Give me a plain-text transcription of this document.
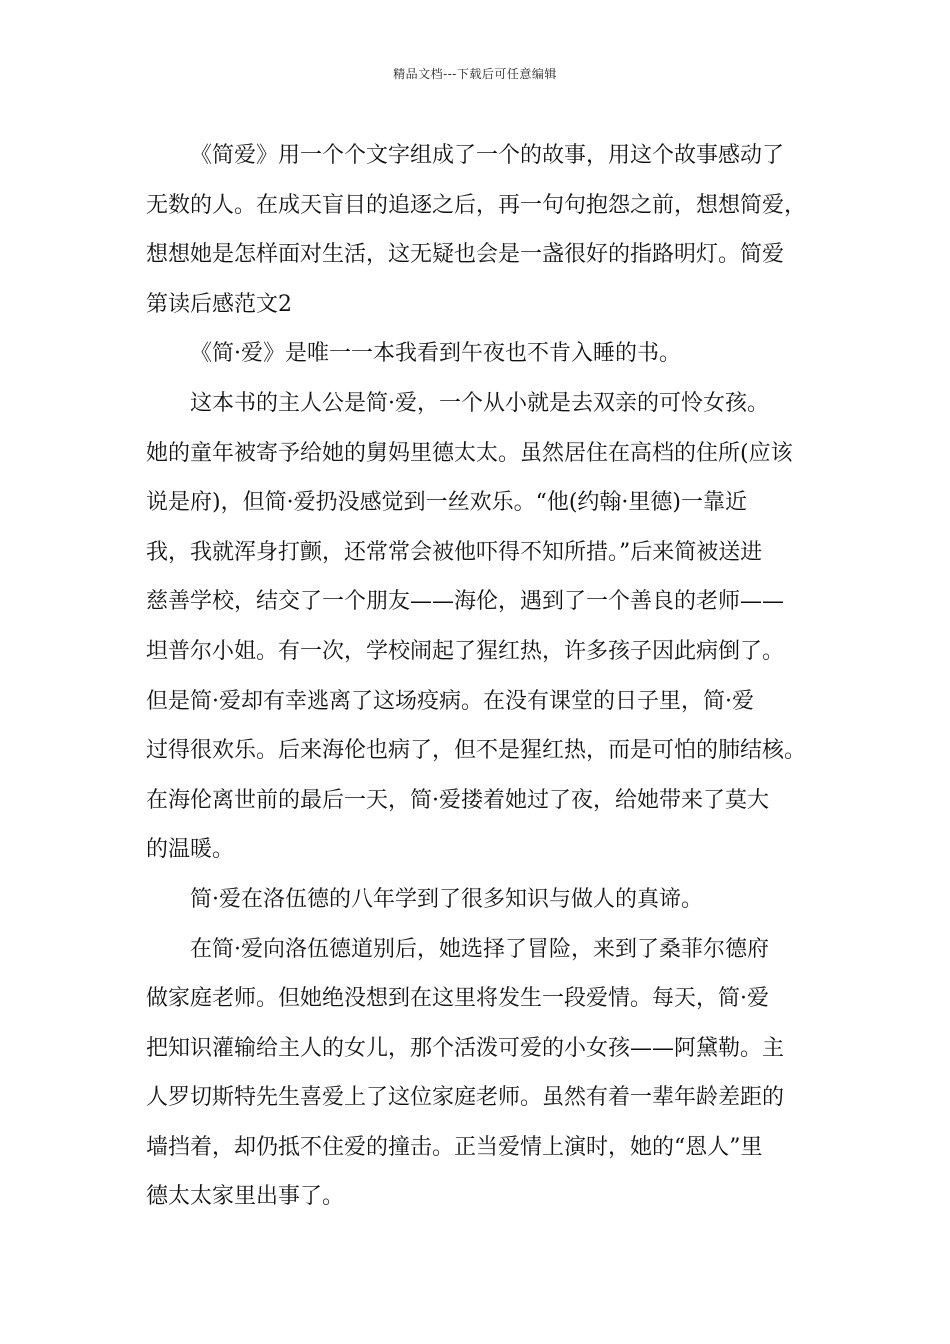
精品文档---下载后可任意编辑
《简爱》用一个个文字组成了一个的故事，用这个故事感动了
无数的人。在成天盲目的追逐之后，再一句句抱怨之前，想想简爱，
想想她是怎样面对生活，这无疑也会是一盏很好的指路明灯。简爱
第读后感范文2
《简·爱》是唯一一本我看到午夜也不肯入睡的书。
这本书的主人公是简·爱，一个从小就是去双亲的可怜女孩。
她的童年被寄予给她的舅妈里德太太。虽然居住在高档的住所(应该
说是府)，但简·爱扔没感觉到一丝欢乐。“他(约翰·里德)一靠近
我，我就浑身打颤，还常常会被他吓得不知所措。”后来简被送进
慈善学校，结交了一个朋友——海伦，遇到了一个善良的老师——
坦普尔小姐。有一次，学校闹起了猩红热，许多孩子因此病倒了。
但是简·爱却有幸逃离了这场疫病。在没有课堂的日子里，简·爱
过得很欢乐。后来海伦也病了，但不是猩红热，而是可怕的肺结核。
在海伦离世前的最后一天，简·爱搂着她过了夜，给她带来了莫大
的温暖。
简·爱在洛伍德的八年学到了很多知识与做人的真谛。
在简·爱向洛伍德道别后，她选择了冒险，来到了桑菲尔德府
做家庭老师。但她绝没想到在这里将发生一段爱情。每天，简·爱
把知识灌输给主人的女儿，那个活泼可爱的小女孩——阿黛勒。主
人罗切斯特先生喜爱上了这位家庭老师。虽然有着一辈年龄差距的
墙挡着，却仍抵不住爱的撞击。正当爱情上演时，她的“恩人”里
德太太家里出事了。
